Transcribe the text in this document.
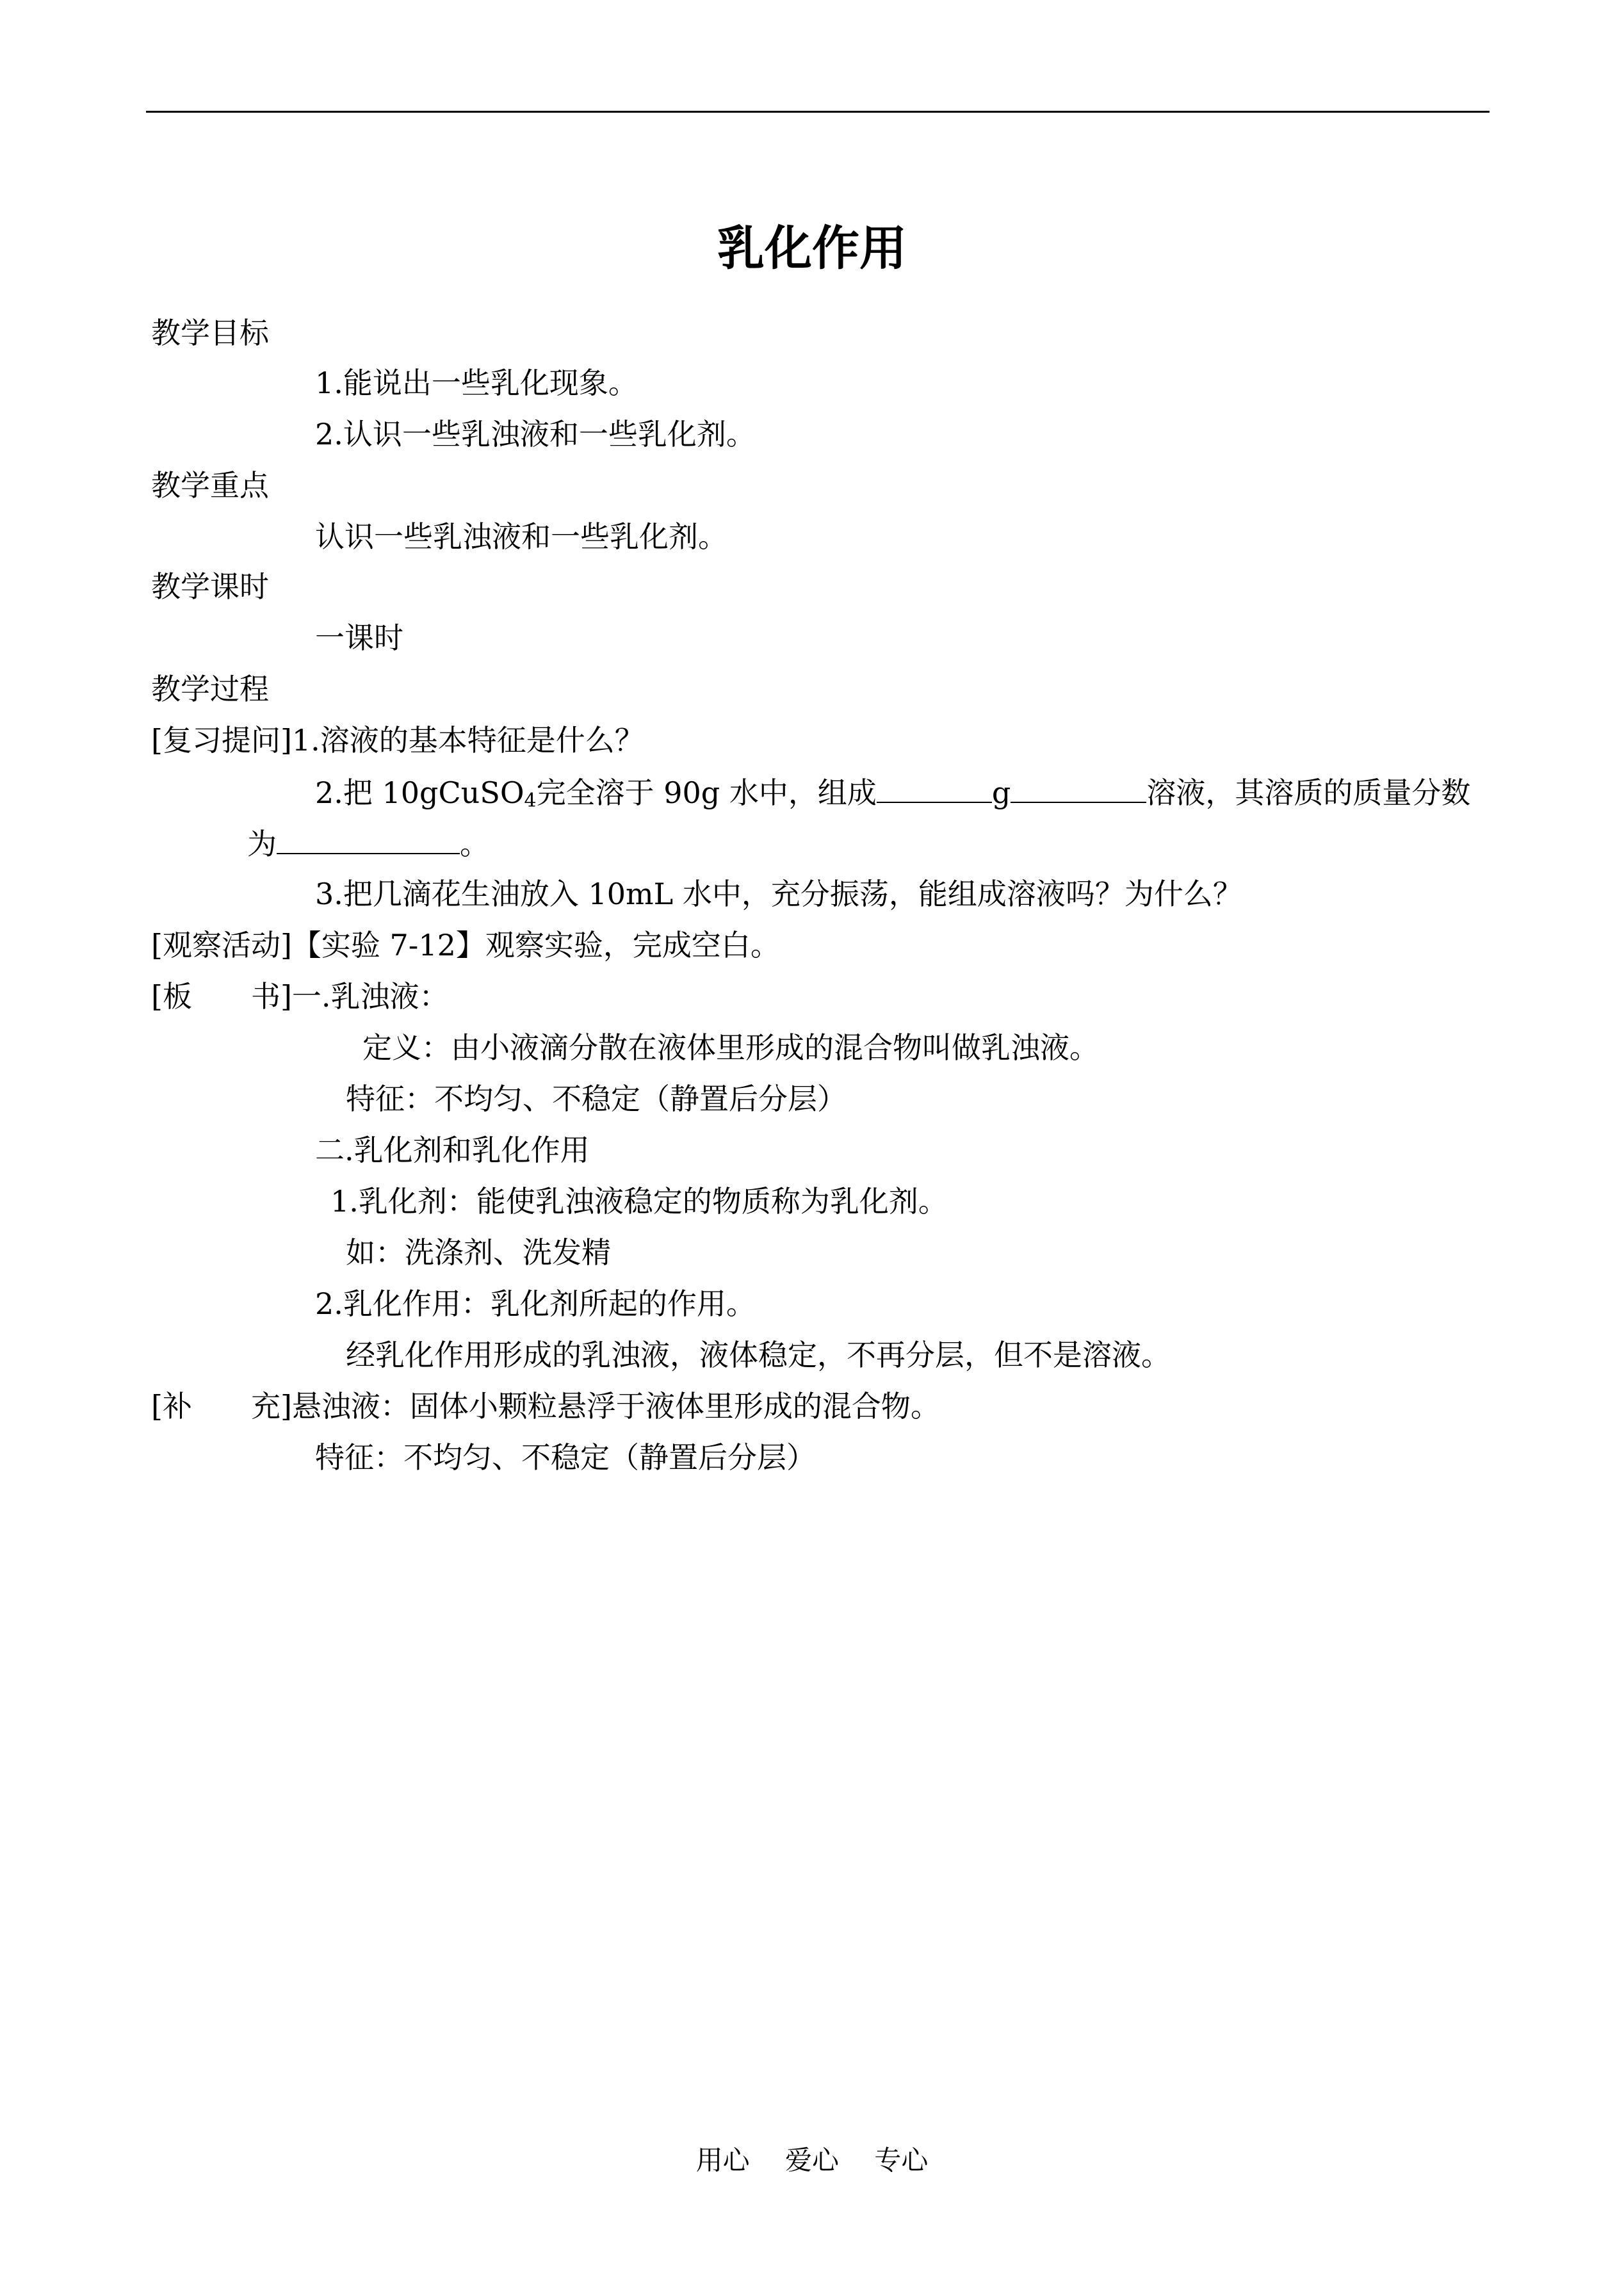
乳化作用
教学目标
1.能说出一些乳化现象。
2.认识一些乳浊液和一些乳化剂。
教学重点
认识一些乳浊液和一些乳化剂。
教学课时
一课时
教学过程
[复习提问]1.溶液的基本特征是什么？
2.把 10gCuSO$_4$完全溶于 90g 水中，组成	g	溶液，其溶质的质量分数
为	。
3.把几滴花生油放入 10mL 水中，充分振荡，能组成溶液吗？为什么？
[观察活动]【实验 7-12】观察实验，完成空白。
[板　　书]一.乳浊液：
定义：由小液滴分散在液体里形成的混合物叫做乳浊液。
特征：不均匀、不稳定（静置后分层）
二.乳化剂和乳化作用
1.乳化剂：能使乳浊液稳定的物质称为乳化剂。
如：洗涤剂、洗发精
2.乳化作用：乳化剂所起的作用。
经乳化作用形成的乳浊液，液体稳定，不再分层，但不是溶液。
[补　　充]悬浊液：固体小颗粒悬浮于液体里形成的混合物。
特征：不均匀、不稳定（静置后分层）
用心　 爱心　 专心
